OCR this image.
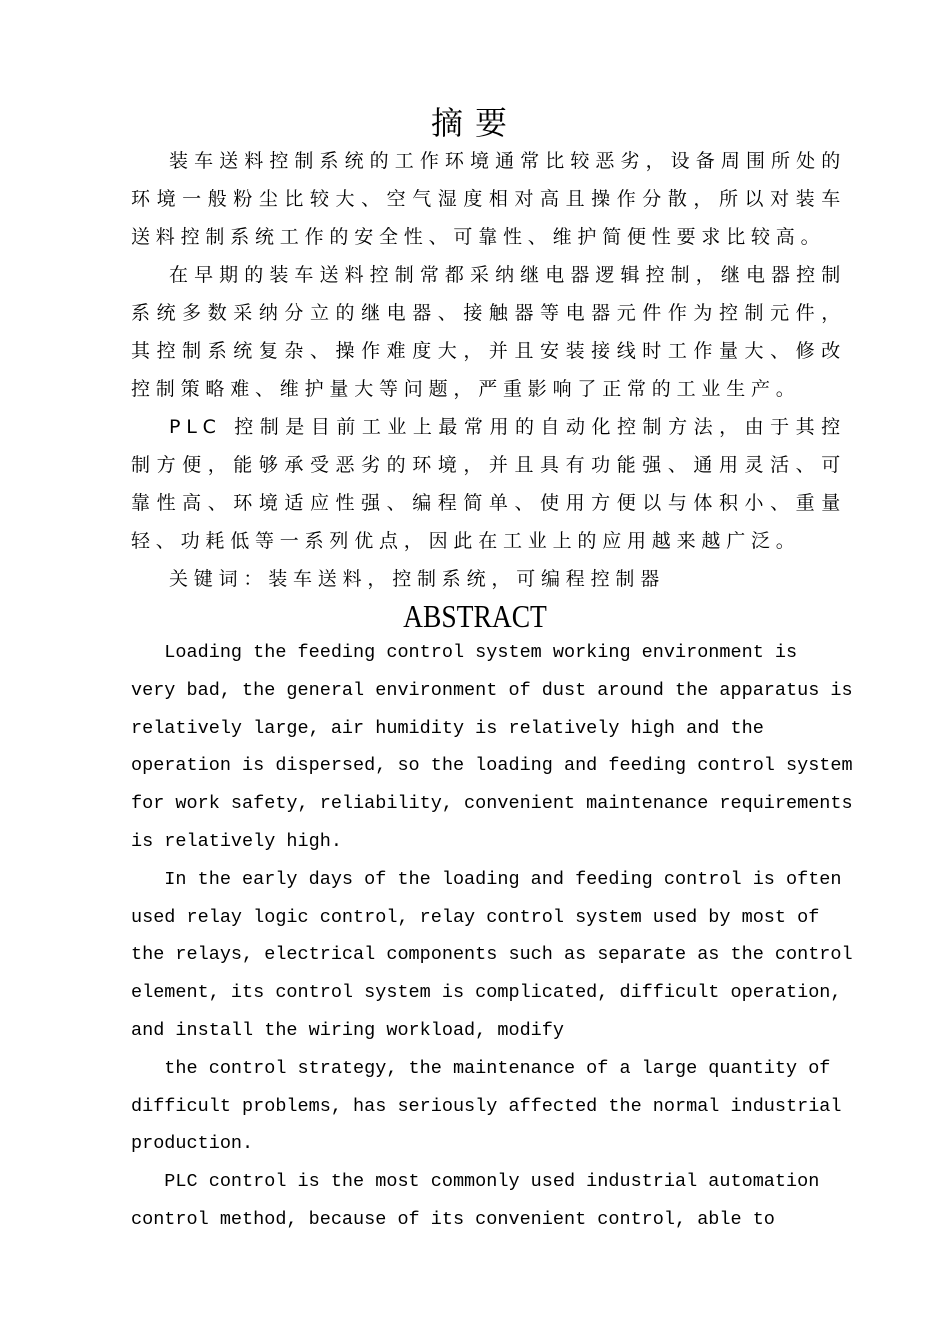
摘要

装车送料控制系统的工作环境通常比较恶劣，设备周围所处的环境一般粉尘比较大、空气湿度相对高且操作分散，所以对装车送料控制系统工作的安全性、可靠性、维护简便性要求比较高。

在早期的装车送料控制常都采纳继电器逻辑控制，继电器控制系统多数采纳分立的继电器、接触器等电器元件作为控制元件，其控制系统复杂、操作难度大，并且安装接线时工作量大、修改控制策略难、维护量大等问题，严重影响了正常的工业生产。

PLC 控制是目前工业上最常用的自动化控制方法，由于其控制方便，能够承受恶劣的环境，并且具有功能强、通用灵活、可靠性高、环境适应性强、编程简单、使用方便以与体积小、重量轻、功耗低等一系列优点，因此在工业上的应用越来越广泛。

关键词：装车送料，控制系统，可编程控制器

ABSTRACT
Loading the feeding control system working environment is
very bad, the general environment of dust around the apparatus is
relatively large, air humidity is relatively high and the
operation is dispersed, so the loading and feeding control system
for work safety, reliability, convenient maintenance requirements
is relatively high.
In the early days of the loading and feeding control is often
used relay logic control, relay control system used by most of
the relays, electrical components such as separate as the control
element, its control system is complicated, difficult operation,
and install the wiring workload, modify
the control strategy, the maintenance of a large quantity of
difficult problems, has seriously affected the normal industrial
production.
PLC control is the most commonly used industrial automation
control method, because of its convenient control, able to
